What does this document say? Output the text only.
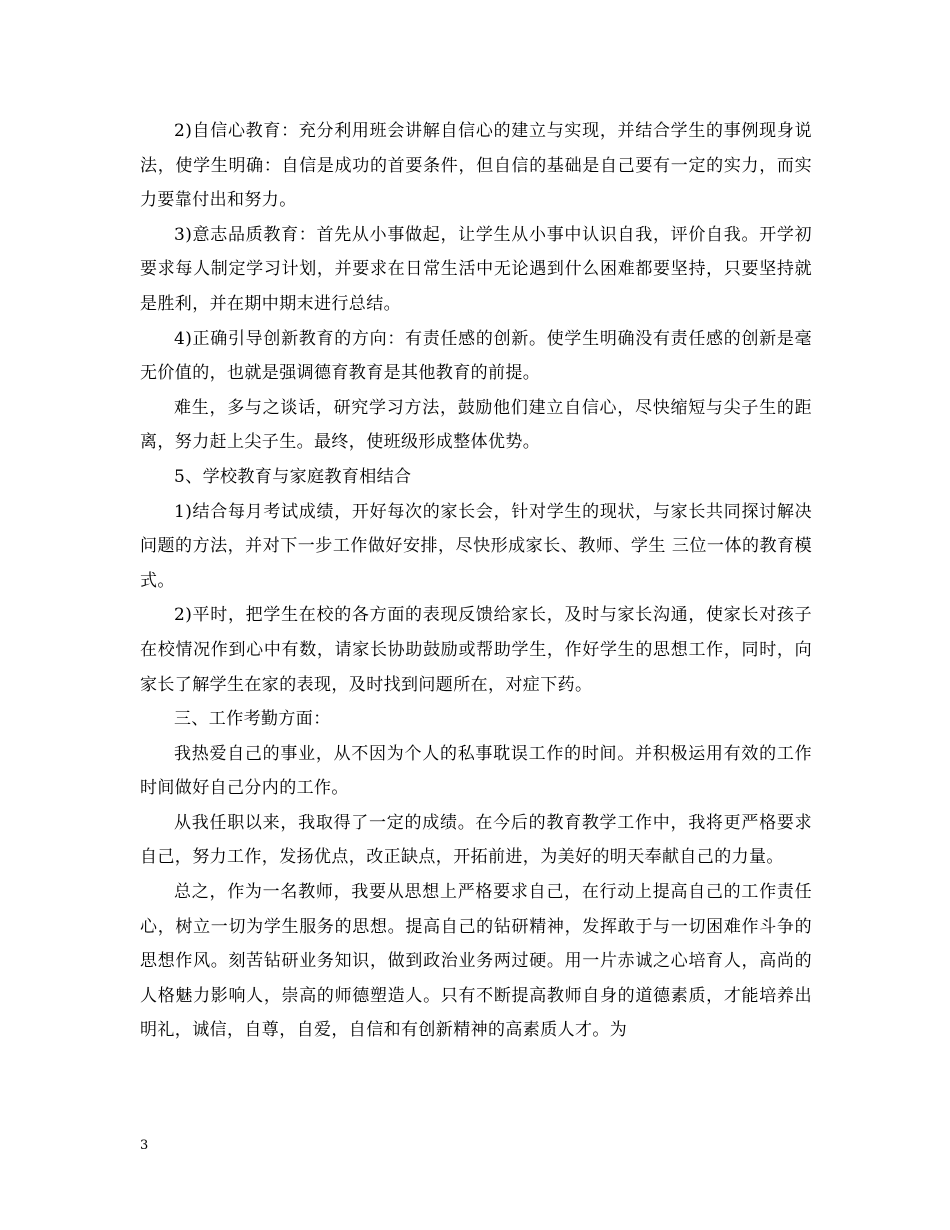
2)自信心教育：充分利用班会讲解自信心的建立与实现，并结合学生的事例现身说法，使学生明确：自信是成功的首要条件，但自信的基础是自己要有一定的实力，而实力要靠付出和努力。

3)意志品质教育：首先从小事做起，让学生从小事中认识自我，评价自我。开学初要求每人制定学习计划，并要求在日常生活中无论遇到什么困难都要坚持，只要坚持就是胜利，并在期中期末进行总结。

4)正确引导创新教育的方向：有责任感的创新。使学生明确没有责任感的创新是毫无价值的，也就是强调德育教育是其他教育的前提。

难生，多与之谈话，研究学习方法，鼓励他们建立自信心，尽快缩短与尖子生的距离，努力赶上尖子生。最终，使班级形成整体优势。

5、学校教育与家庭教育相结合

1)结合每月考试成绩，开好每次的家长会，针对学生的现状，与家长共同探讨解决问题的方法，并对下一步工作做好安排，尽快形成家长、教师、学生 三位一体的教育模式。

2)平时，把学生在校的各方面的表现反馈给家长，及时与家长沟通，使家长对孩子在校情况作到心中有数，请家长协助鼓励或帮助学生，作好学生的思想工作，同时，向家长了解学生在家的表现，及时找到问题所在，对症下药。

三、工作考勤方面：

我热爱自己的事业，从不因为个人的私事耽误工作的时间。并积极运用有效的工作时间做好自己分内的工作。

从我任职以来，我取得了一定的成绩。在今后的教育教学工作中，我将更严格要求自己，努力工作，发扬优点，改正缺点，开拓前进，为美好的明天奉献自己的力量。

总之，作为一名教师，我要从思想上严格要求自己，在行动上提高自己的工作责任心，树立一切为学生服务的思想。提高自己的钻研精神，发挥敢于与一切困难作斗争的思想作风。刻苦钻研业务知识，做到政治业务两过硬。用一片赤诚之心培育人，高尚的人格魅力影响人，崇高的师德塑造人。只有不断提高教师自身的道德素质，才能培养出明礼，诚信，自尊，自爱，自信和有创新精神的高素质人才。为

3
